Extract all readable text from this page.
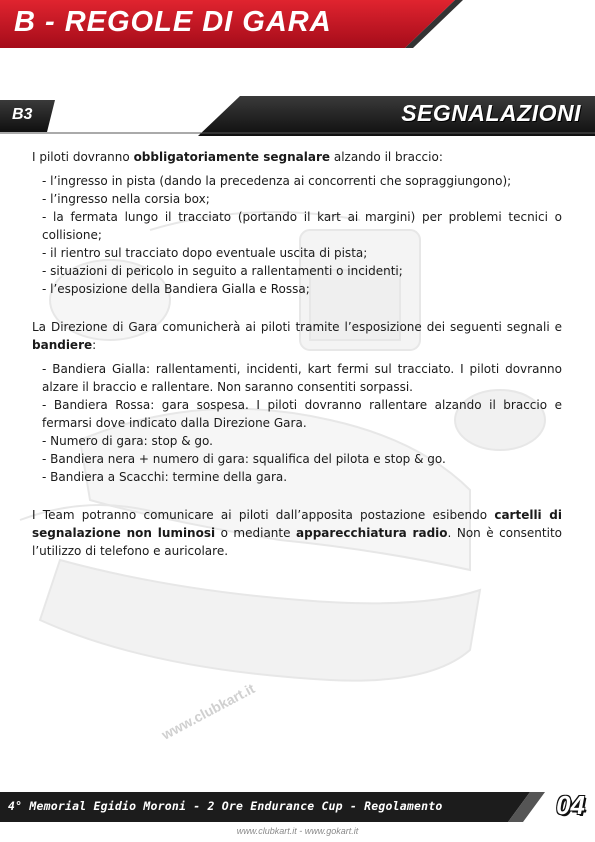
B - REGOLE DI GARA
www.clubkart.it
B3	SEGNALAZIONI

I piloti dovranno obbligatoriamente segnalare alzando il braccio:

- l’ingresso in pista (dando la precedenza ai concorrenti che sopraggiungono);
- l’ingresso nella corsia box;
- la fermata lungo il tracciato (portando il kart ai margini) per problemi tecnici o collisione;
- il rientro sul tracciato dopo eventuale uscita di pista;
- situazioni di pericolo in seguito a rallentamenti o incidenti;
- l’esposizione della Bandiera Gialla e Rossa;

La Direzione di Gara comunicherà ai piloti tramite l’esposizione dei seguenti segnali e bandiere:

- Bandiera Gialla: rallentamenti, incidenti, kart fermi sul tracciato. I piloti dovranno alzare il braccio e rallentare. Non saranno consentiti sorpassi.
- Bandiera Rossa: gara sospesa. I piloti dovranno rallentare alzando il braccio e fermarsi dove indicato dalla Direzione Gara.
- Numero di gara: stop & go.
- Bandiera nera + numero di gara: squalifica del pilota e stop & go.
- Bandiera a Scacchi: termine della gara.

I Team potranno comunicare ai piloti dall’apposita postazione esibendo cartelli di segnalazione non luminosi o mediante apparecchiatura radio. Non è consentito l’utilizzo di telefono e auricolare.

4° Memorial Egidio Moroni - 2 Ore Endurance Cup - Regolamento	04
www.clubkart.it - www.gokart.it
